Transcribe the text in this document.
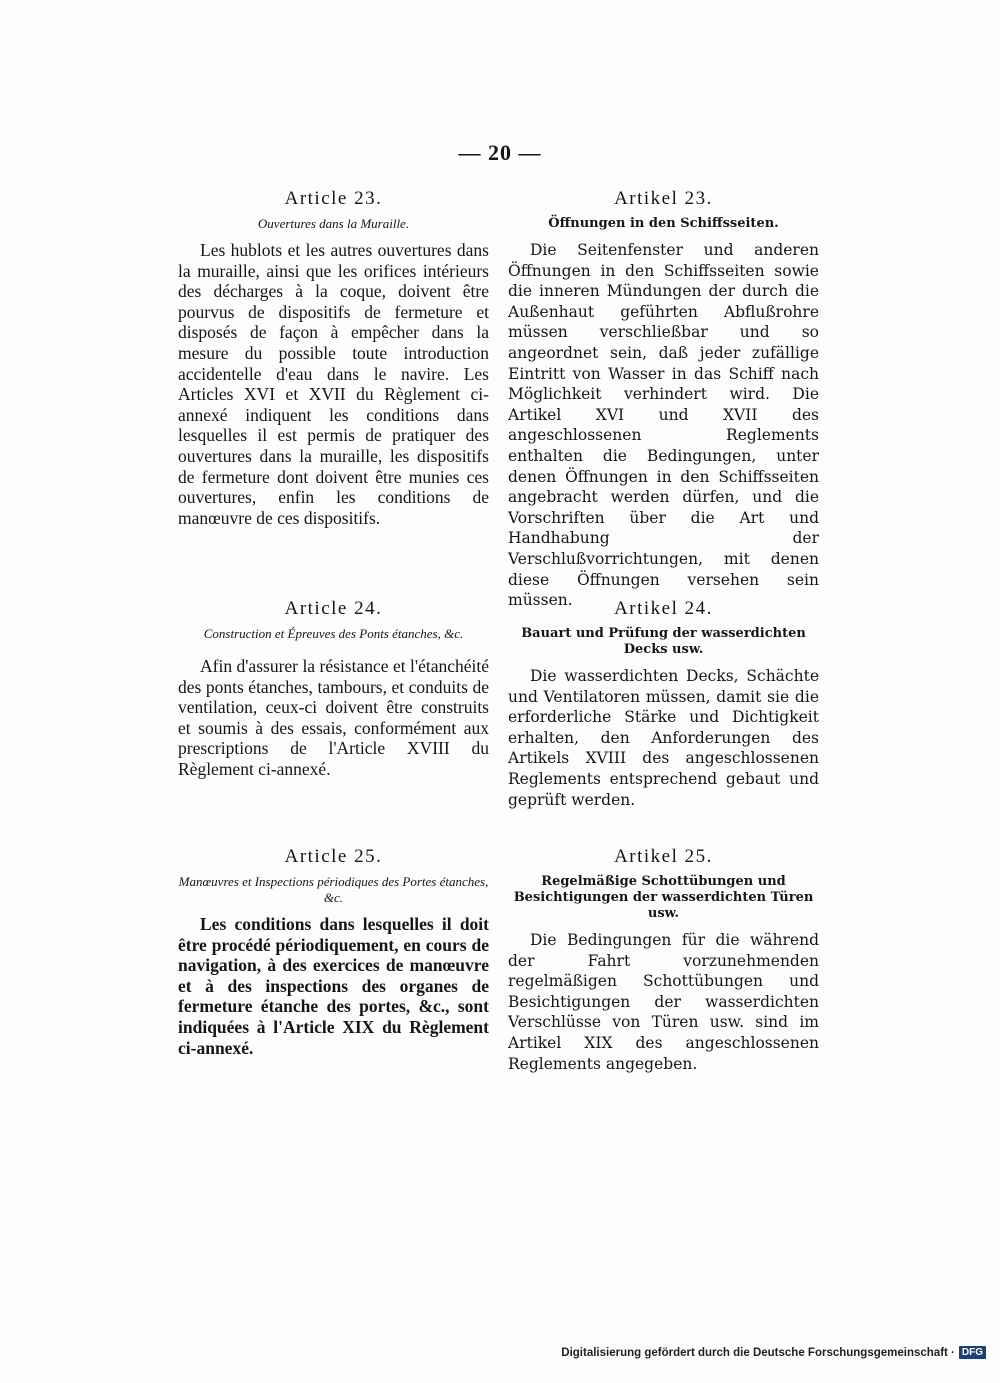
— 20 —

Article 23.

Ouvertures dans la Muraille.

Les hublots et les autres ouvertures dans la muraille, ainsi que les orifices intérieurs des décharges à la coque, doivent être pourvus de dispositifs de fermeture et disposés de façon à empêcher dans la mesure du possible toute introduction accidentelle d'eau dans le navire. Les Articles XVI et XVII du Règlement ci-annexé indiquent les conditions dans lesquelles il est permis de pratiquer des ouvertures dans la muraille, les dispositifs de fermeture dont doivent être munies ces ouvertures, enfin les conditions de manœuvre de ces dispositifs.

Article 24.

Construction et Épreuves des Ponts étanches, &c.

Afin d'assurer la résistance et l'étanchéité des ponts étanches, tambours, et conduits de ventilation, ceux-ci doivent être construits et soumis à des essais, conformément aux prescriptions de l'Article XVIII du Règlement ci-annexé.

Article 25.

Manœuvres et Inspections périodiques des Portes étanches, &c.

Les conditions dans lesquelles il doit être procédé périodiquement, en cours de navigation, à des exercices de manœuvre et à des inspections des organes de fermeture étanche des portes, &c., sont indiquées à l'Article XIX du Règlement ci-annexé.

Artikel 23.

Öffnungen in den Schiffsseiten.

Die Seitenfenster und anderen Öffnungen in den Schiffsseiten sowie die inneren Mündungen der durch die Außenhaut geführten Abflußrohre müssen verschließbar und so angeordnet sein, daß jeder zufällige Eintritt von Wasser in das Schiff nach Möglichkeit verhindert wird. Die Artikel XVI und XVII des angeschlossenen Reglements enthalten die Bedingungen, unter denen Öffnungen in den Schiffsseiten angebracht werden dürfen, und die Vorschriften über die Art und Handhabung der Verschlußvorrichtungen, mit denen diese Öffnungen versehen sein müssen.	Artikel 24.

Bauart und Prüfung der wasserdichten Decks usw.

Die wasserdichten Decks, Schächte und Ventilatoren müssen, damit sie die erforderliche Stärke und Dichtigkeit erhalten, den Anforderungen des Artikels XVIII des angeschlossenen Reglements entsprechend gebaut und geprüft werden.

Artikel 25.

Regelmäßige Schottübungen und Besichtigungen der wasserdichten Türen usw.

Die Bedingungen für die während der Fahrt vorzunehmenden regelmäßigen Schottübungen und Besichtigungen der wasserdichten Verschlüsse von Türen usw. sind im Artikel XIX des angeschlossenen Reglements angegeben.

Digitalisierung gefördert durch die Deutsche Forschungsgemeinschaft · DFG
